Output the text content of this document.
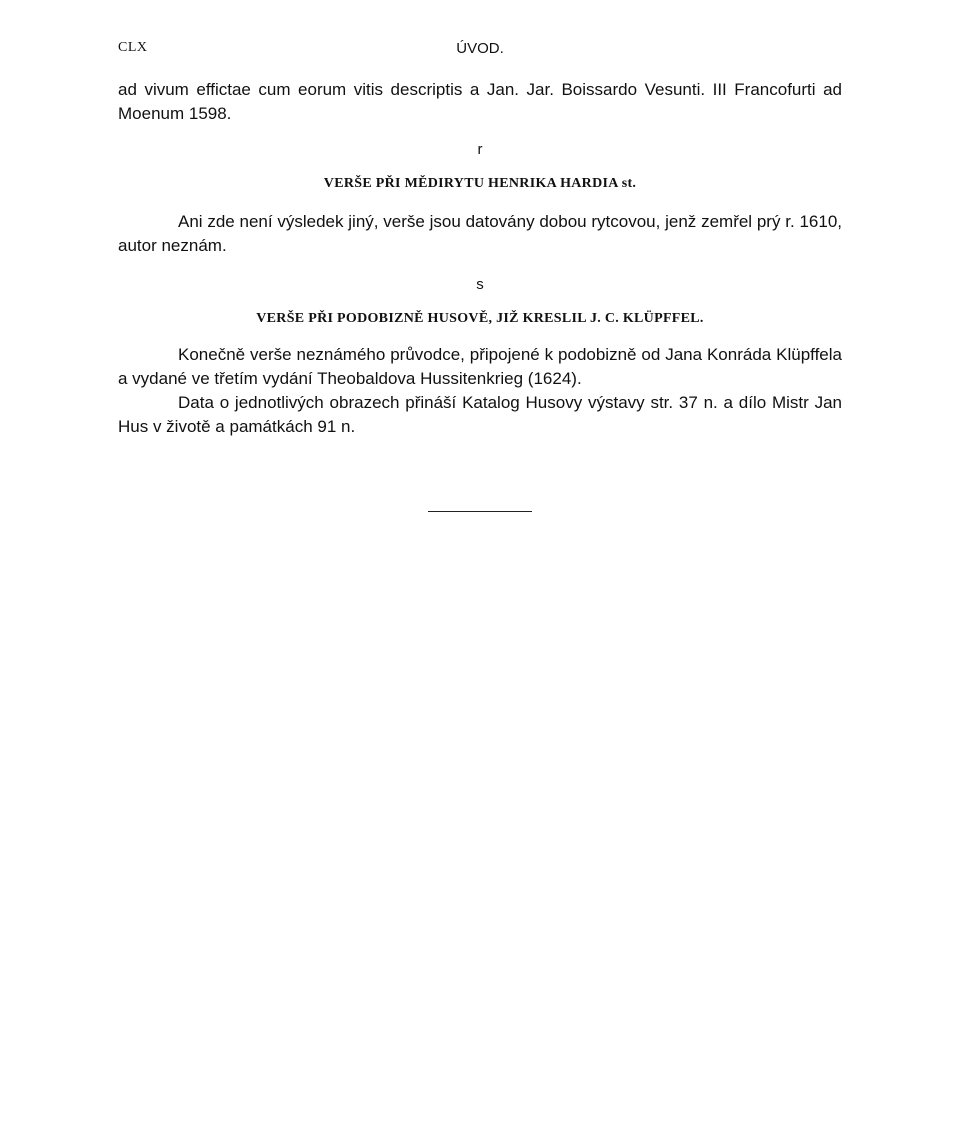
CLX	ÚVOD.

ad vivum effictae cum eorum vitis descriptis a Jan. Jar. Boissardo Vesunti. III Francofurti ad Moenum 1598.

r
VERŠE PŘI MĚDIRYTU HENRIKA HARDIA st.

Ani zde není výsledek jiný, verše jsou datovány dobou rytcovou, jenž zemřel prý r. 1610, autor neznám.

s
VERŠE PŘI PODOBIZNĚ HUSOVĚ, JIŽ KRESLIL J. C. KLÜPFFEL.

Konečně verše neznámého průvodce, připojené k podobizně od Jana Konráda Klüpffela a vydané ve třetím vydání Theobaldova Hussitenkrieg (1624).

Data o jednotlivých obrazech přináší Katalog Husovy výstavy str. 37 n. a dílo Mistr Jan Hus v životě a památkách 91 n.
